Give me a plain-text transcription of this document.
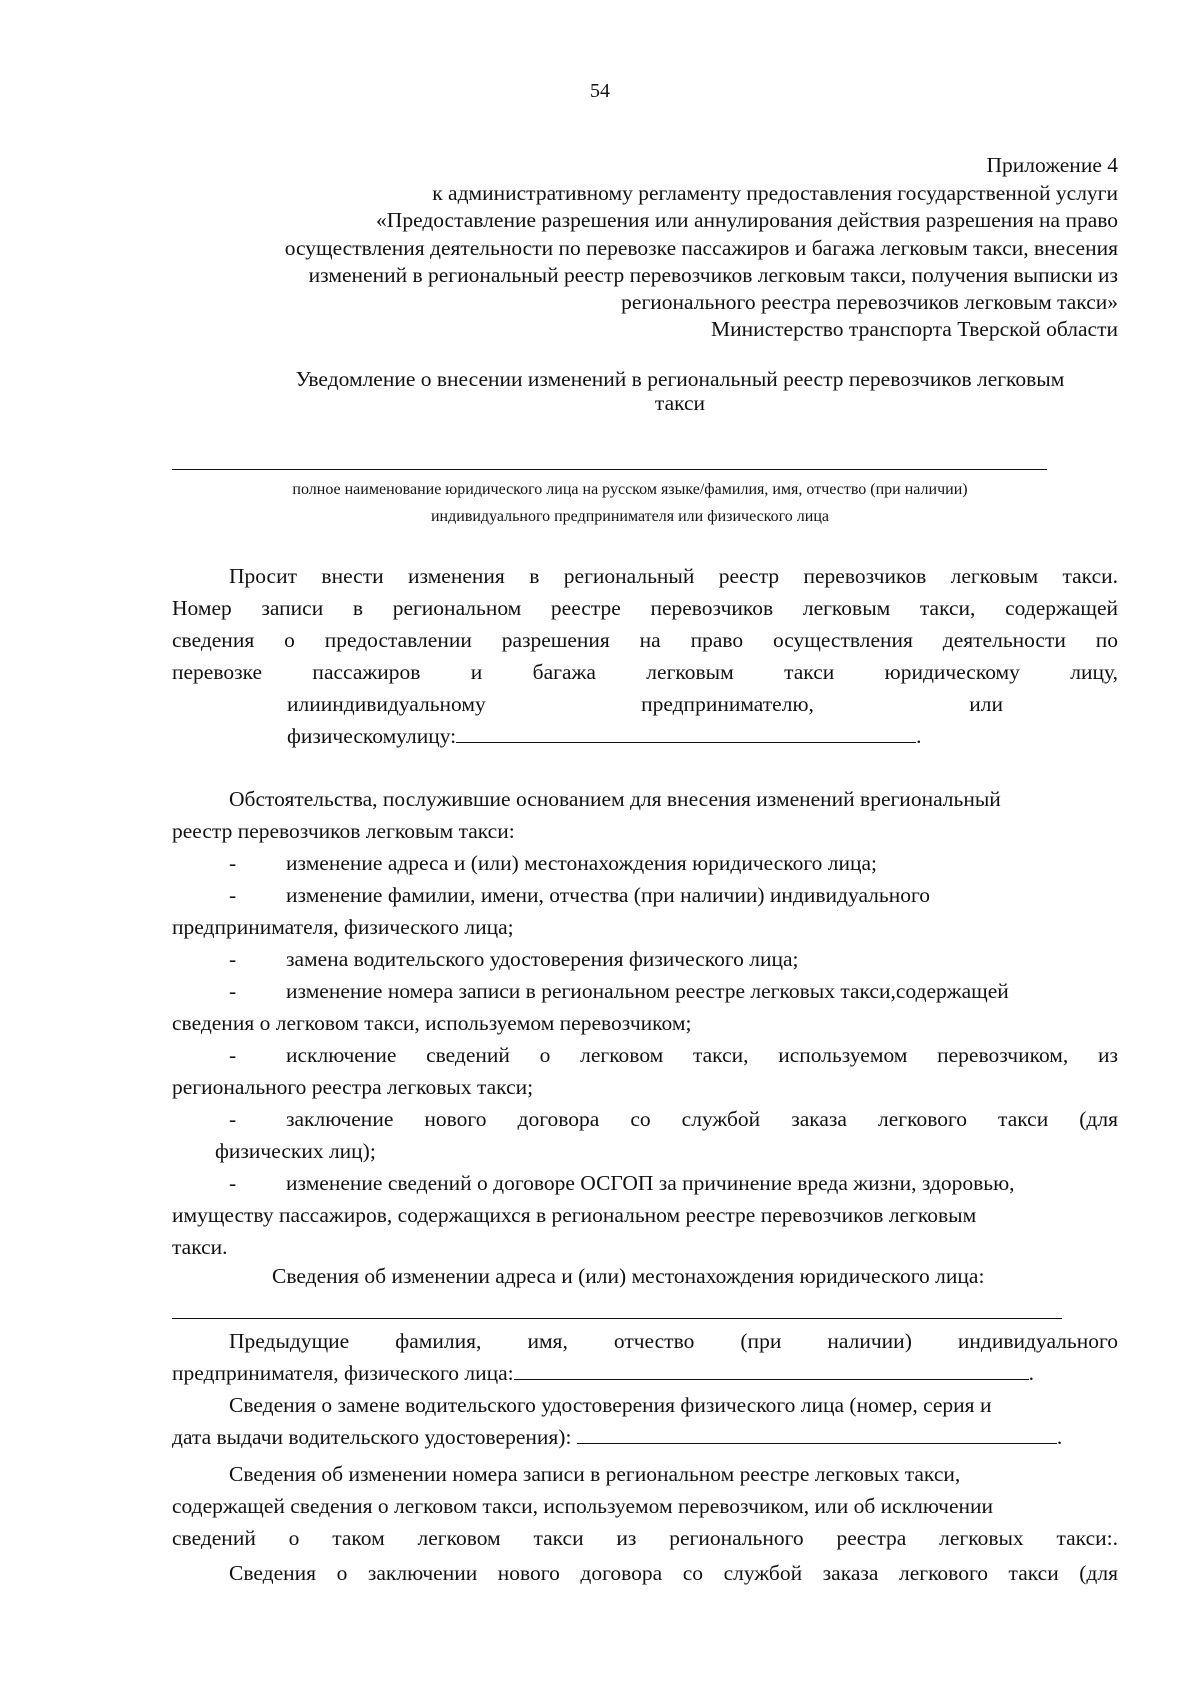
54
Приложение 4
к административному регламенту предоставления государственной услуги
«Предоставление разрешения или аннулирования действия разрешения на право
осуществления деятельности по перевозке пассажиров и багажа легковым такси, внесения
изменений в региональный реестр перевозчиков легковым такси, получения выписки из
регионального реестра перевозчиков легковым такси»
Министерство транспорта Тверской области
Уведомление о внесении изменений в региональный реестр перевозчиков легковым
такси
полное наименование юридического лица на русском языке/фамилия, имя, отчество (при наличии)
индивидуального предпринимателя или физического лица

Просит внести изменения в региональный реестр перевозчиков легковым такси.

Номер записи в региональном реестре перевозчиков легковым такси, содержащей

сведения о предоставлении разрешения на право осуществления деятельности по

перевозке пассажиров и багажа легковым такси юридическому лицу,

илииндивидуальному предпринимателю, или

физическомулицу:	.

Обстоятельства, послужившие основанием для внесения изменений врегиональный

реестр перевозчиков легковым такси:

- изменение адреса и (или) местонахождения юридического лица;

- изменение фамилии, имени, отчества (при наличии) индивидуального

предпринимателя, физического лица;

- замена водительского удостоверения физического лица;

- изменение номера записи в региональном реестре легковых такси,содержащей

сведения о легковом такси, используемом перевозчиком;

- исключение сведений о легковом такси, используемом перевозчиком, из

регионального реестра легковых такси;

- заключение нового договора со службой заказа легкового такси (для

физических лиц);

- изменение сведений о договоре ОСГОП за причинение вреда жизни, здоровью,

имуществу пассажиров, содержащихся в региональном реестре перевозчиков легковым

такси.

Сведения об изменении адреса и (или) местонахождения юридического лица:

Предыдущие фамилия, имя, отчество (при наличии) индивидуального

предпринимателя, физического лица:	.

Сведения о замене водительского удостоверения физического лица (номер, серия и

дата выдачи водительского удостоверения):	.

Сведения об изменении номера записи в региональном реестре легковых такси,

содержащей сведения о легковом такси, используемом перевозчиком, или об исключении

сведений о таком легковом такси из регионального реестра легковых такси:.

Сведения о заключении нового договора со службой заказа легкового такси (для
